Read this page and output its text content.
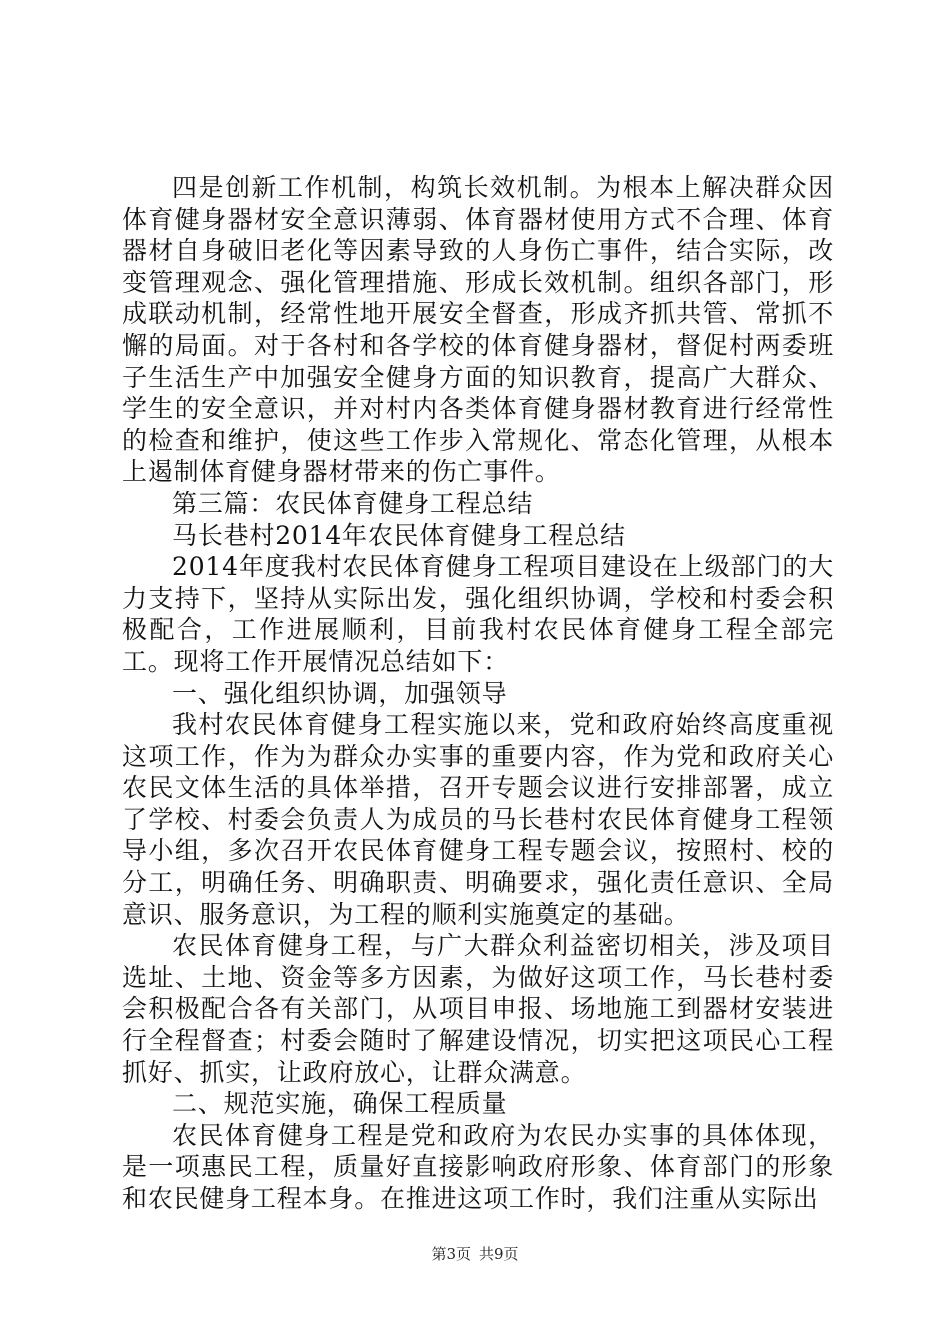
四是创新工作机制，构筑长效机制。为根本上解决群众因体育健身器材安全意识薄弱、体育器材使用方式不合理、体育器材自身破旧老化等因素导致的人身伤亡事件，结合实际，改变管理观念、强化管理措施、形成长效机制。组织各部门，形成联动机制，经常性地开展安全督查，形成齐抓共管、常抓不懈的局面。对于各村和各学校的体育健身器材，督促村两委班子生活生产中加强安全健身方面的知识教育，提高广大群众、学生的安全意识，并对村内各类体育健身器材教育进行经常性的检查和维护，使这些工作步入常规化、常态化管理，从根本上遏制体育健身器材带来的伤亡事件。

第三篇：农民体育健身工程总结

马长巷村2014年农民体育健身工程总结

2014年度我村农民体育健身工程项目建设在上级部门的大力支持下，坚持从实际出发，强化组织协调，学校和村委会积极配合，工作进展顺利，目前我村农民体育健身工程全部完工。现将工作开展情况总结如下：

一、强化组织协调，加强领导

我村农民体育健身工程实施以来，党和政府始终高度重视这项工作，作为为群众办实事的重要内容，作为党和政府关心农民文体生活的具体举措，召开专题会议进行安排部署，成立了学校、村委会负责人为成员的马长巷村农民体育健身工程领导小组，多次召开农民体育健身工程专题会议，按照村、校的分工，明确任务、明确职责、明确要求，强化责任意识、全局意识、服务意识，为工程的顺利实施奠定的基础。

农民体育健身工程，与广大群众利益密切相关，涉及项目选址、土地、资金等多方因素，为做好这项工作，马长巷村委会积极配合各有关部门，从项目申报、场地施工到器材安装进行全程督查；村委会随时了解建设情况，切实把这项民心工程抓好、抓实，让政府放心，让群众满意。

二、规范实施，确保工程质量

农民体育健身工程是党和政府为农民办实事的具体体现，是一项惠民工程，质量好直接影响政府形象、体育部门的形象和农民健身工程本身。在推进这项工作时，我们注重从实际出

第3页 共9页
